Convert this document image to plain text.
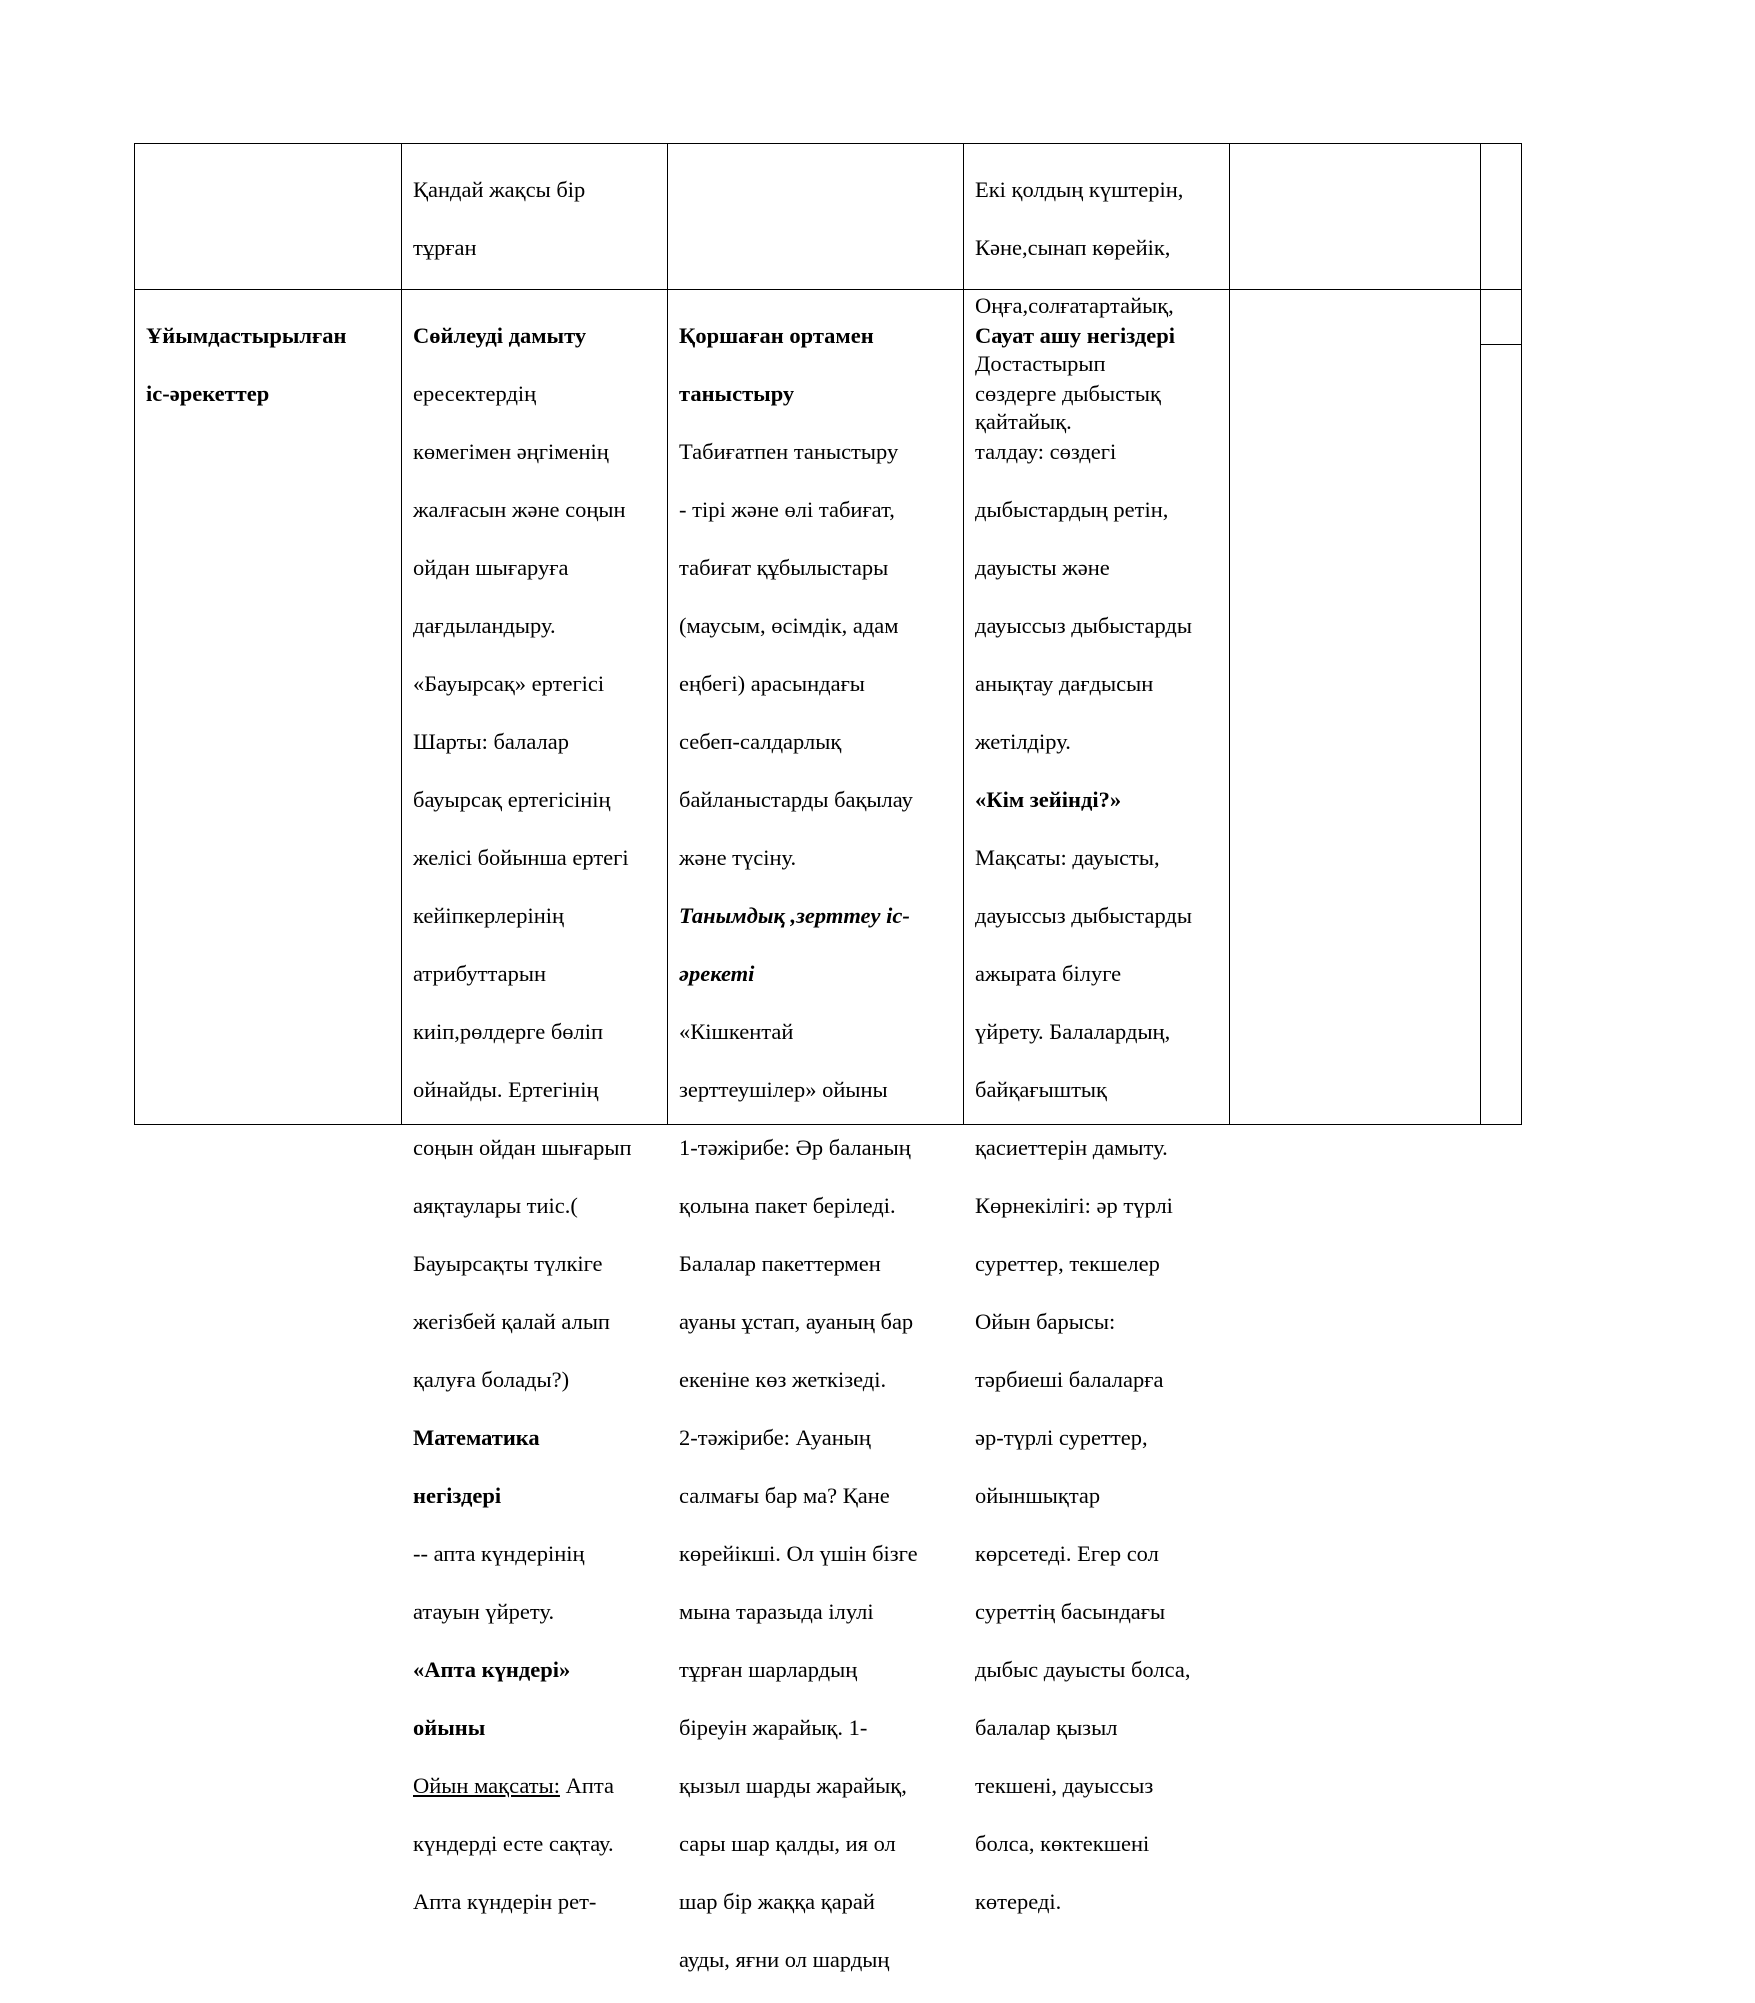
Қандай жақсы бір

тұрған

Екі қолдың күштерін,

Кәне,сынап көрейік,

Оңға,солғатартайық,

Достастырып

қайтайық.

Ұйымдастырылған

іс-әрекеттер

Сөйлеуді дамыту

ересектердің

көмегімен әңгіменің

жалғасын және соңын

ойдан шығаруға

дағдыландыру.

«Бауырсақ» ертегісі

Шарты: балалар

бауырсақ ертегісінің

желісі бойынша ертегі

кейіпкерлерінің

атрибуттарын

киіп,рөлдерге бөліп

ойнайды. Ертегінің

соңын ойдан шығарып

аяқтаулары тиіс.(

Бауырсақты түлкіге

жегізбей қалай алып

қалуға болады?)

Математика

негіздері

-- апта күндерінің

атауын үйрету.

«Апта күндері»

ойыны

Ойын мақсаты: Апта

күндерді есте сақтау.

Апта күндерін рет-

Қоршаған ортамен

таныстыру

Табиғатпен таныстыру

- тірі және өлі табиғат,

табиғат құбылыстары

(маусым, өсімдік, адам

еңбегі) арасындағы

себеп-салдарлық

байланыстарды бақылау

және түсіну.

Танымдық ,зерттеу іс-

әрекеті

«Кішкентай

зерттеушілер» ойыны

1-тәжірибе: Әр баланың

қолына пакет беріледі.

Балалар пакеттермен

ауаны ұстап, ауаның бар

екеніне көз жеткізеді.

2-тәжірибе: Ауаның

салмағы бар ма? Қане

көрейікші. Ол үшін бізге

мына таразыда ілулі

тұрған шарлардың

біреуін жарайық. 1-

қызыл шарды жарайық,

сары шар қалды, ия ол

шар бір жаққа қарай

ауды, яғни ол шардың

Сауат ашу негіздері

сөздерге дыбыстық

талдау: сөздегі

дыбыстардың ретін,

дауысты және

дауыссыз дыбыстарды

анықтау дағдысын

жетілдіру.

«Кім зейінді?»

Мақсаты: дауысты,

дауыссыз дыбыстарды

ажырата білуге

үйрету. Балалардың,

байқағыштық

қасиеттерін дамыту.

Көрнекілігі: әр түрлі

суреттер, текшелер

Ойын барысы:

тәрбиеші балаларға

әр-түрлі суреттер,

ойыншықтар

көрсетеді. Егер сол

суреттің басындағы

дыбыс дауысты болса,

балалар қызыл

текшені, дауыссыз

болса, көктекшені

көтереді.
